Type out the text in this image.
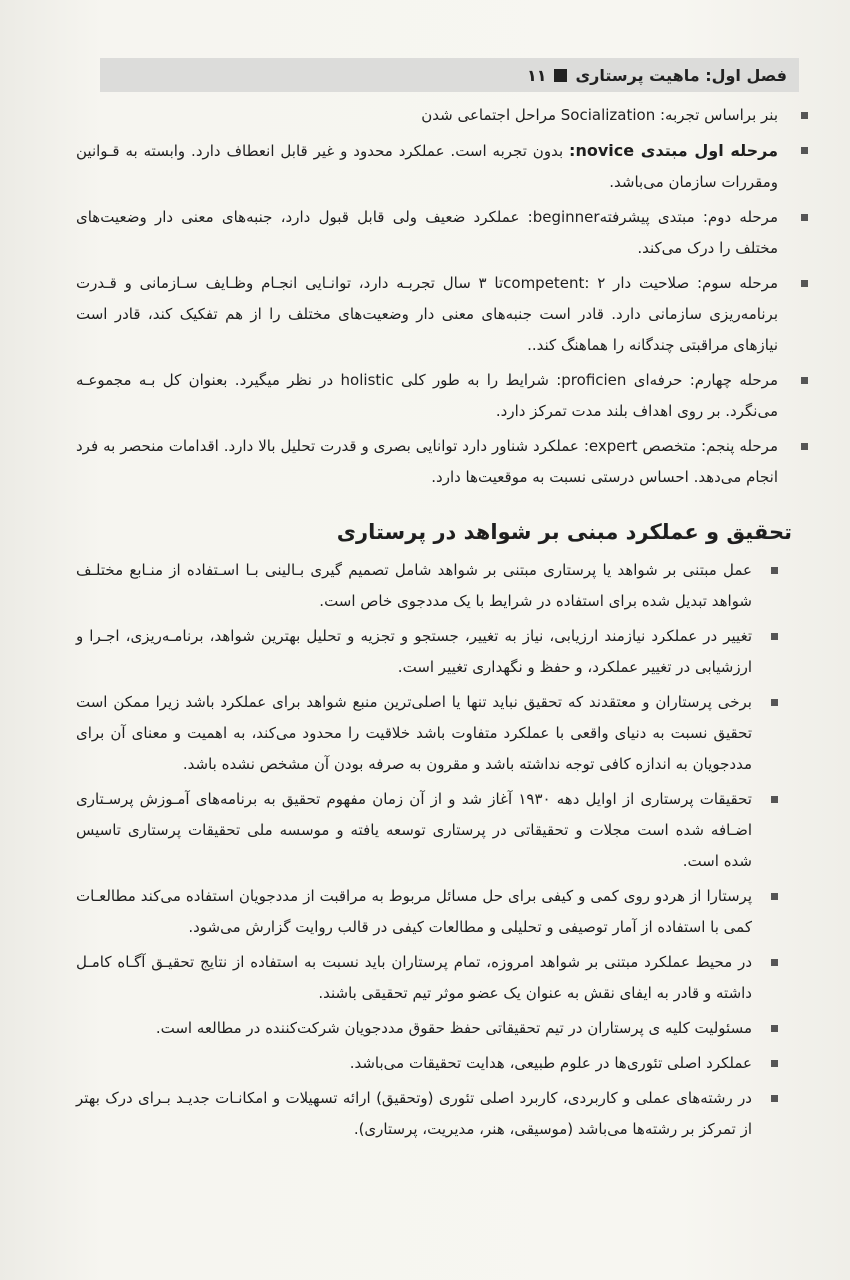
فصل اول: ماهیت پرستاری
۱۱

بنر براساس تجربه: Socialization مراحل اجتماعی شدن

مرحله اول مبتدی novice: بدون تجربه است. عملکرد محدود و غیر قابل انعطاف دارد. وابسته به قـوانین ومقررات سازمان می‌باشد.

مرحله دوم: مبتدی پیشرفتهbeginner: عملکرد ضعیف ولی قابل قبول دارد، جنبه‌های معنی دار وضعیت‌های مختلف را درک می‌کند.

مرحله سوم: صلاحیت دار competent: ۲تا ۳ سال تجربـه دارد، توانـایی انجـام وظـایف سـازمانی و قـدرت برنامه‌ریزی سازمانی دارد. قادر است جنبه‌های معنی دار وضعیت‌های مختلف را از هم تفکیک کند، قادر است نیازهای مراقبتی چندگانه را هماهنگ کند..

مرحله چهارم: حرفه‌ای proficien: شرایط را به طور کلی holistic در نظر میگیرد. بعنوان کل بـه مجموعـه می‌نگرد. بر روی اهداف بلند مدت تمرکز دارد.

مرحله پنجم: متخصص expert: عملکرد شناور دارد توانایی بصری و قدرت تحلیل بالا دارد. اقدامات منحصر به فرد انجام می‌دهد. احساس درستی نسبت به موقعیت‌ها دارد.

تحقیق و عملکرد مبنی بر شواهد در پرستاری

عمل مبتنی بر شواهد یا پرستاری مبتنی بر شواهد شامل تصمیم گیری بـالینی بـا اسـتفاده از منـابع مختلـف شواهد تبدیل شده برای استفاده در شرایط با یک مددجوی خاص است.

تغییر در عملکرد نیازمند ارزیابی، نیاز به تغییر، جستجو و تجزیه و تحلیل بهترین شواهد، برنامـه‌ریزی، اجـرا و ارزشیابی در تغییر عملکرد، و حفظ و نگهداری تغییر است.

برخی پرستاران و معتقدند که تحقیق نباید تنها یا اصلی‌ترین منبع شواهد برای عملکرد باشد زیرا ممکن است تحقیق نسبت به دنیای واقعی با عملکرد متفاوت باشد خلاقیت را محدود می‌کند، به اهمیت و معنای آن برای مددجویان به اندازه کافی توجه نداشته باشد و مقرون به صرفه بودن آن مشخص نشده باشد.

تحقیقات پرستاری از اوایل دهه ۱۹۳۰ آغاز شد و از آن زمان مفهوم تحقیق به برنامه‌های آمـوزش پرسـتاری اضـافه شده است مجلات و تحقیقاتی در پرستاری توسعه یافته و موسسه ملی تحقیقات پرستاری تاسیس شده است.

پرستارا از هردو روی کمی و کیفی برای حل مسائل مربوط به مراقبت از مددجویان استفاده می‌کند مطالعـات کمی با استفاده از آمار توصیفی و تحلیلی و مطالعات کیفی در قالب روایت گزارش می‌شود.

در محیط عملکرد مبتنی بر شواهد امروزه، تمام پرستاران باید نسبت به استفاده از نتایج تحقیـق آگـاه کامـل داشته و قادر به ایفای نقش به عنوان یک عضو موثر تیم تحقیقی باشند.

مسئولیت کلیه ی پرستاران در تیم تحقیقاتی حفظ حقوق مددجویان شرکت‌کننده در مطالعه است.

عملکرد اصلی تئوری‌ها در علوم طبیعی، هدایت تحقیقات می‌باشد.

در رشته‌های عملی و کاربردی، کاربرد اصلی تئوری (وتحقیق) ارائه تسهیلات و امکانـات جدیـد بـرای درک بهتر از تمرکز بر رشته‌ها می‌باشد (موسیقی، هنر، مدیریت، پرستاری).
